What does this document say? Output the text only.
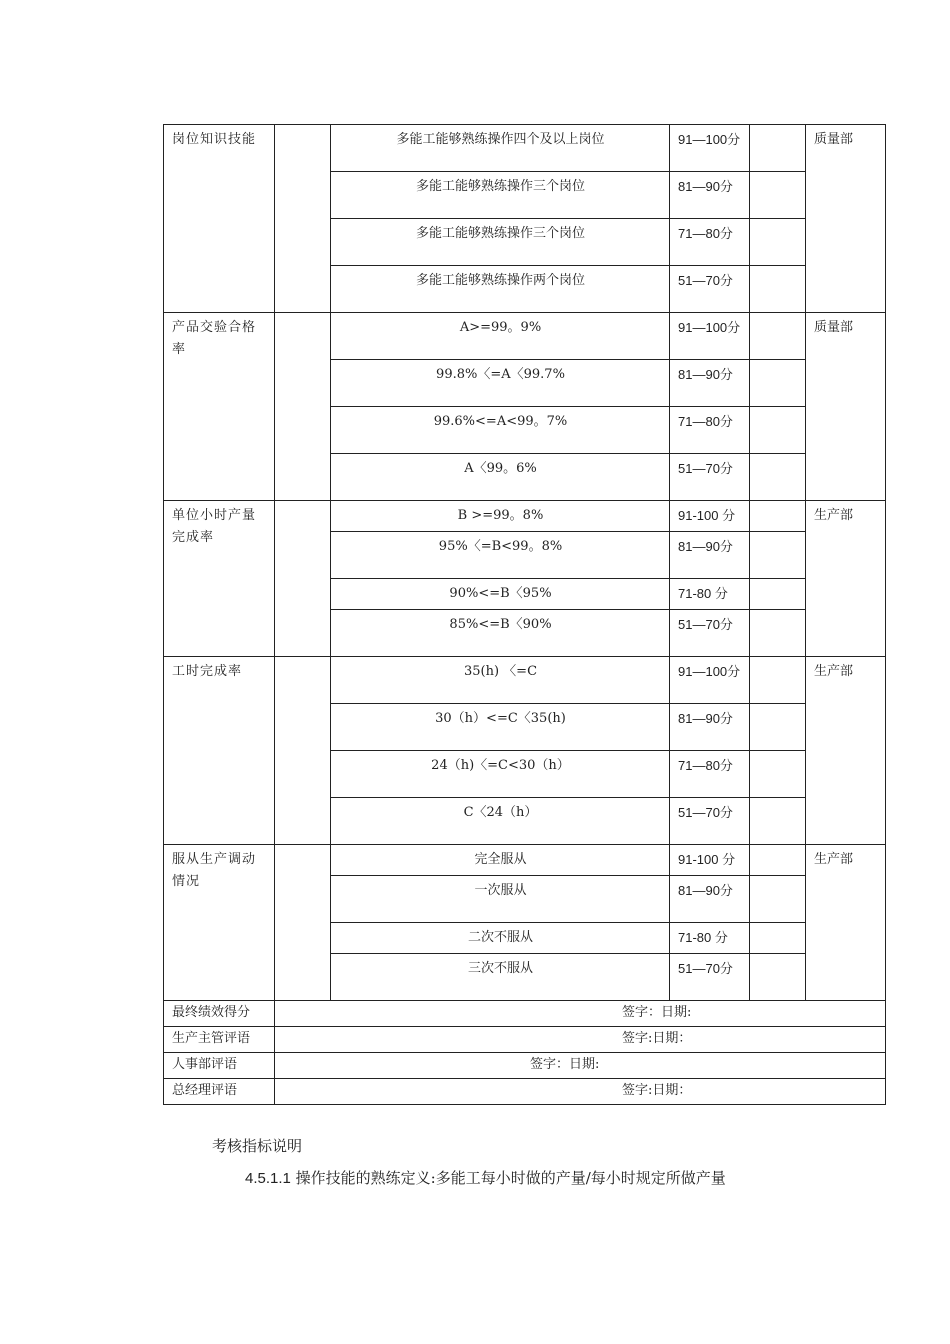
岗位知识技能		多能工能够熟练操作四个及以上岗位	91—100分		质量部
		多能工能够熟练操作三个岗位	81—90分		
		多能工能够熟练操作三个岗位	71—80分		
		多能工能够熟练操作两个岗位	51—70分		
产品交验合格率		A>=99。9%	91—100分		质量部
		99.8%〈=A〈99.7%	81—90分		
		99.6%<=A<99。7%	71—80分		
		A〈99。6%	51—70分		
单位小时产量完成率		B >=99。8%	91-100 分		生产部
		95%〈=B<99。8%	81—90分		
		90%<=B〈95%	71-80 分		
		85%<=B〈90%	51—70分		
工时完成率		35(h) 〈=C	91—100分		生产部
		30（h）<=C〈35(h)	81—90分		
		24（h)〈=C<30（h）	71—80分		
		C〈24（h）	51—70分		
服从生产调动情况		完全服从	91-100 分		生产部
		一次服从	81—90分		
		二次不服从	71-80 分		
		三次不服从	51—70分		
最终绩效得分	签字：日期:				
生产主管评语	签字:日期：				
人事部评语	签字：日期:				
总经理评语	签字:日期：				
考核指标说明
4.5.1.1 操作技能的熟练定义:多能工每小时做的产量/每小时规定所做产量
